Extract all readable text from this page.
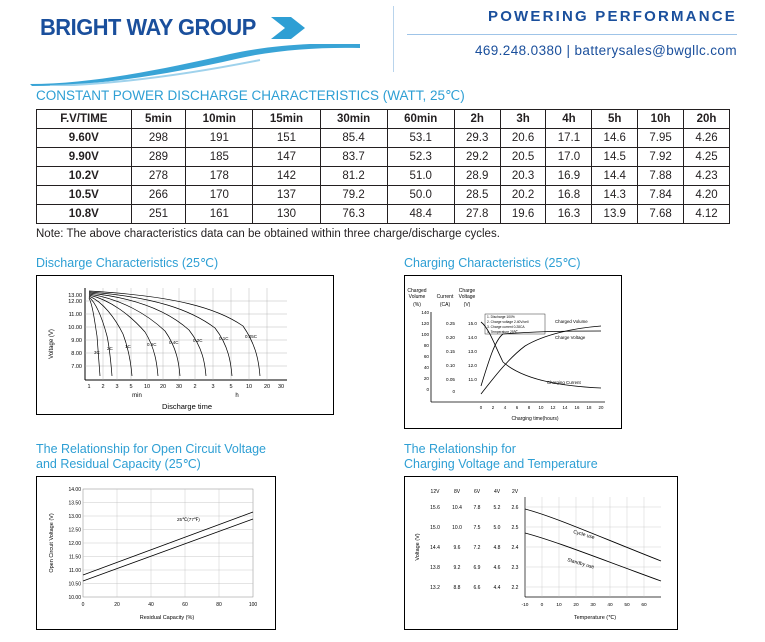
BRIGHT WAY GROUP	POWERING PERFORMANCE
469.248.0380 | batterysales@bwgllc.com
CONSTANT POWER DISCHARGE CHARACTERISTICS (WATT, 25℃)
F.V/TIME	5min	10min	15min	30min	60min	2h	3h	4h	5h	10h	20h
9.60V	298	191	151	85.4	53.1	29.3	20.6	17.1	14.6	7.95	4.26
9.90V	289	185	147	83.7	52.3	29.2	20.5	17.0	14.5	7.92	4.25
10.2V	278	178	142	81.2	51.0	28.9	20.3	16.9	14.4	7.88	4.23
10.5V	266	170	137	79.2	50.0	28.5	20.2	16.8	14.3	7.84	4.20
10.8V	251	161	130	76.3	48.4	27.8	19.6	16.3	13.9	7.68	4.12
Note: The above characteristics data can be obtained within three charge/discharge cycles.
Discharge Characteristics (25℃)
13.00
12.00
11.00
10.00
9.00
8.00
7.00
Voltage (V)	3C
2C	1C	0.6C	0.4C	0.2C	0.1C	0.05C
1 2 3 5 10 20 30 2	3	5 10 20 30
min	h
Discharge time
Charging Characteristics (25℃)
Charged
Volume
(%)
Current
(CA)
Charge
Voltage
(V)
140
120
100
80
60
40
20
0
0.25
0.20
0.15
0.10
0.05
0
15.0
14.0
13.0
12.0
11.0
1. Discharge 100%
2. Charge voltage 2.40V/cell
3. Charge current 0.28CA
4. Temperature 25℃
Charged Volume
Charge Voltage
Charging Current
0 2 4 6 8 10 12 14 16 18 20
Charging time(hours)
The Relationship for Open Circuit Voltage
and Residual Capacity (25℃)
14.00
13.50
13.00
12.50
12.00
11.50
11.00
10.50
10.00
Open Circuit Voltage (V)	25℃(77℉)
0	20	40	60	80	100
Residual Capacity (%)
The Relationship for
Charging Voltage and Temperature
12V	8V	6V	4V 2V
15.6 10.4 7.8	5.2 2.6
15.0 10.0 7.5	5.0 2.5
14.4	9.6	7.2	4.8 2.4
13.8	9.2	6.9	4.6 2.3
13.2	8.8	6.6	4.4 2.2
Voltage (V)	Cycle use
Standby use
-10	0	10 20 30 40 50 60
Temperature (℃)
